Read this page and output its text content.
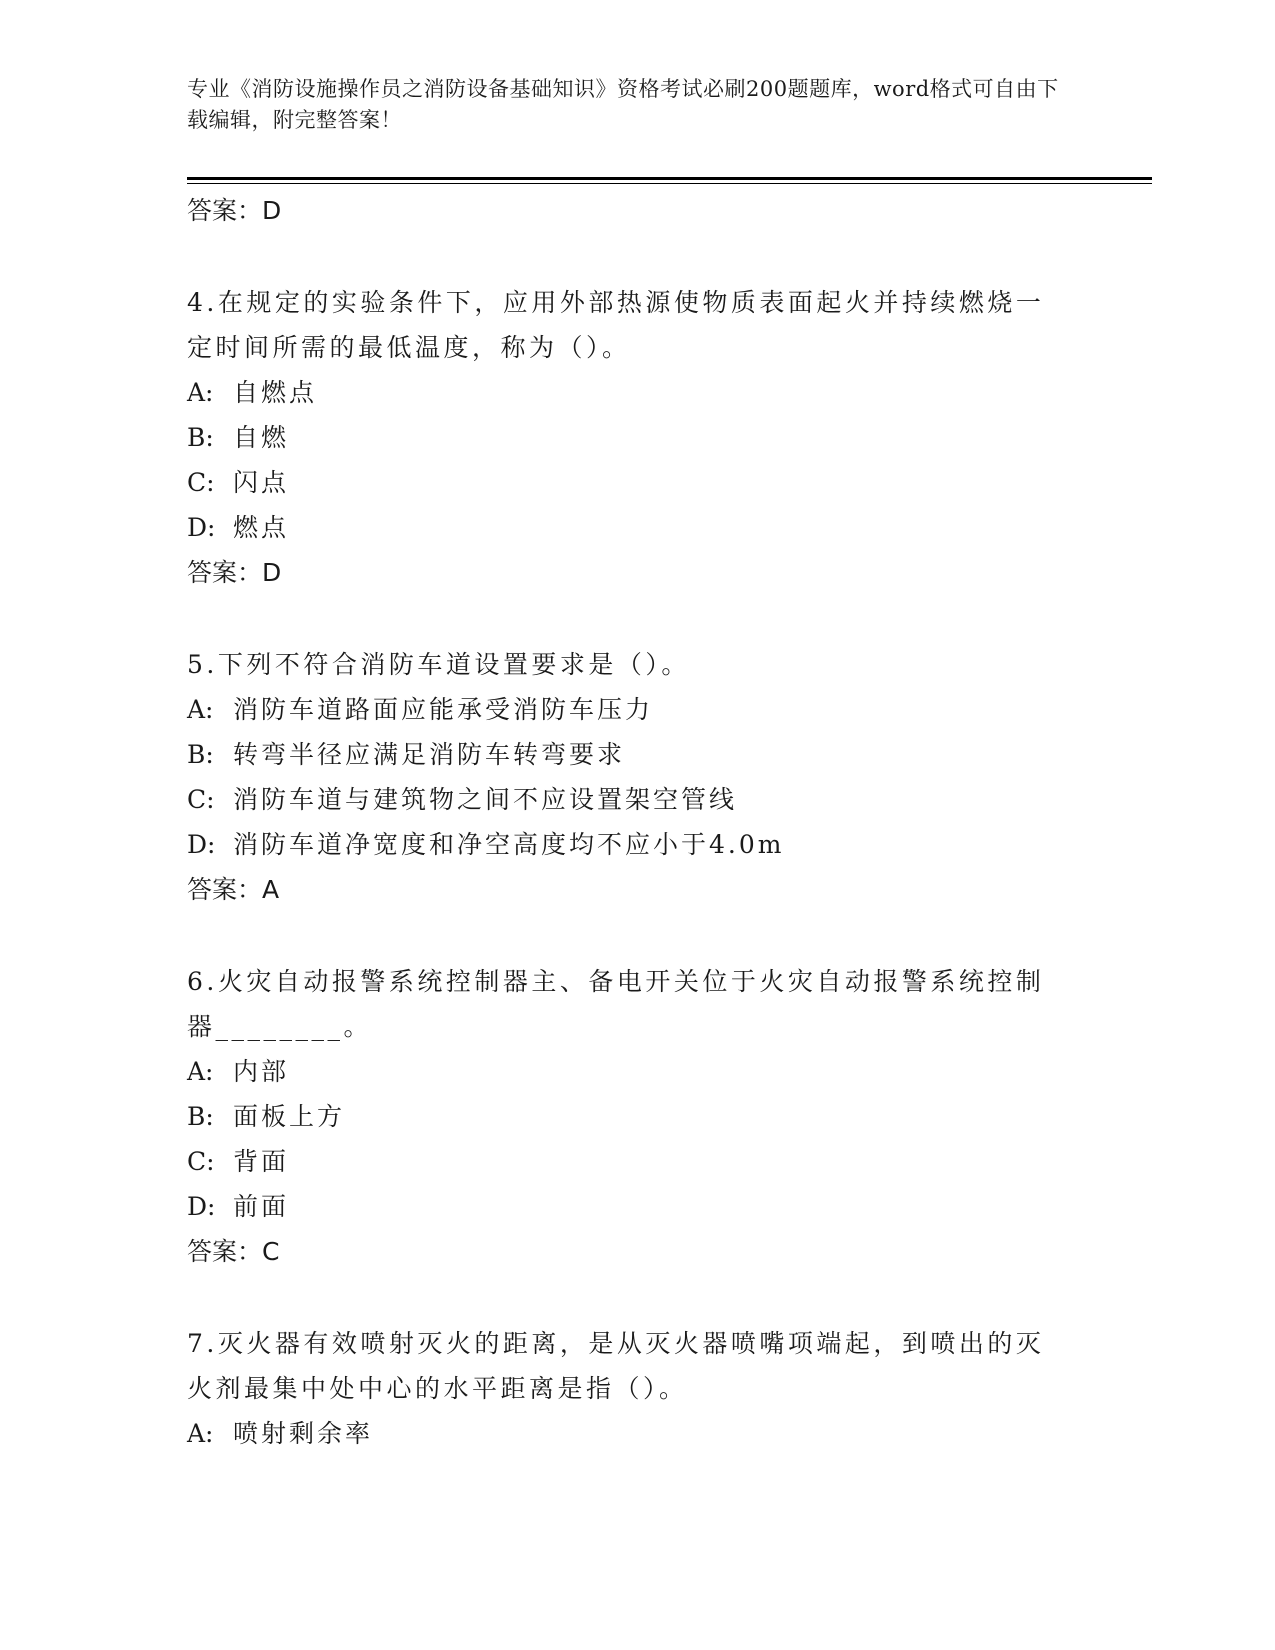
专业《消防设施操作员之消防设备基础知识》资格考试必刷200题题库，word格式可自由下载编辑，附完整答案！
答案：D
4.在规定的实验条件下，应用外部热源使物质表面起火并持续燃烧一定时间所需的最低温度，称为（）。
A: 自燃点
B: 自燃
C: 闪点
D: 燃点
答案：D
5.下列不符合消防车道设置要求是（）。
A: 消防车道路面应能承受消防车压力
B: 转弯半径应满足消防车转弯要求
C: 消防车道与建筑物之间不应设置架空管线
D: 消防车道净宽度和净空高度均不应小于4.0m
答案：A
6.火灾自动报警系统控制器主、备电开关位于火灾自动报警系统控制器________。
A: 内部
B: 面板上方
C: 背面
D: 前面
答案：C
7.灭火器有效喷射灭火的距离，是从灭火器喷嘴项端起，到喷出的灭火剂最集中处中心的水平距离是指（）。
A: 喷射剩余率
